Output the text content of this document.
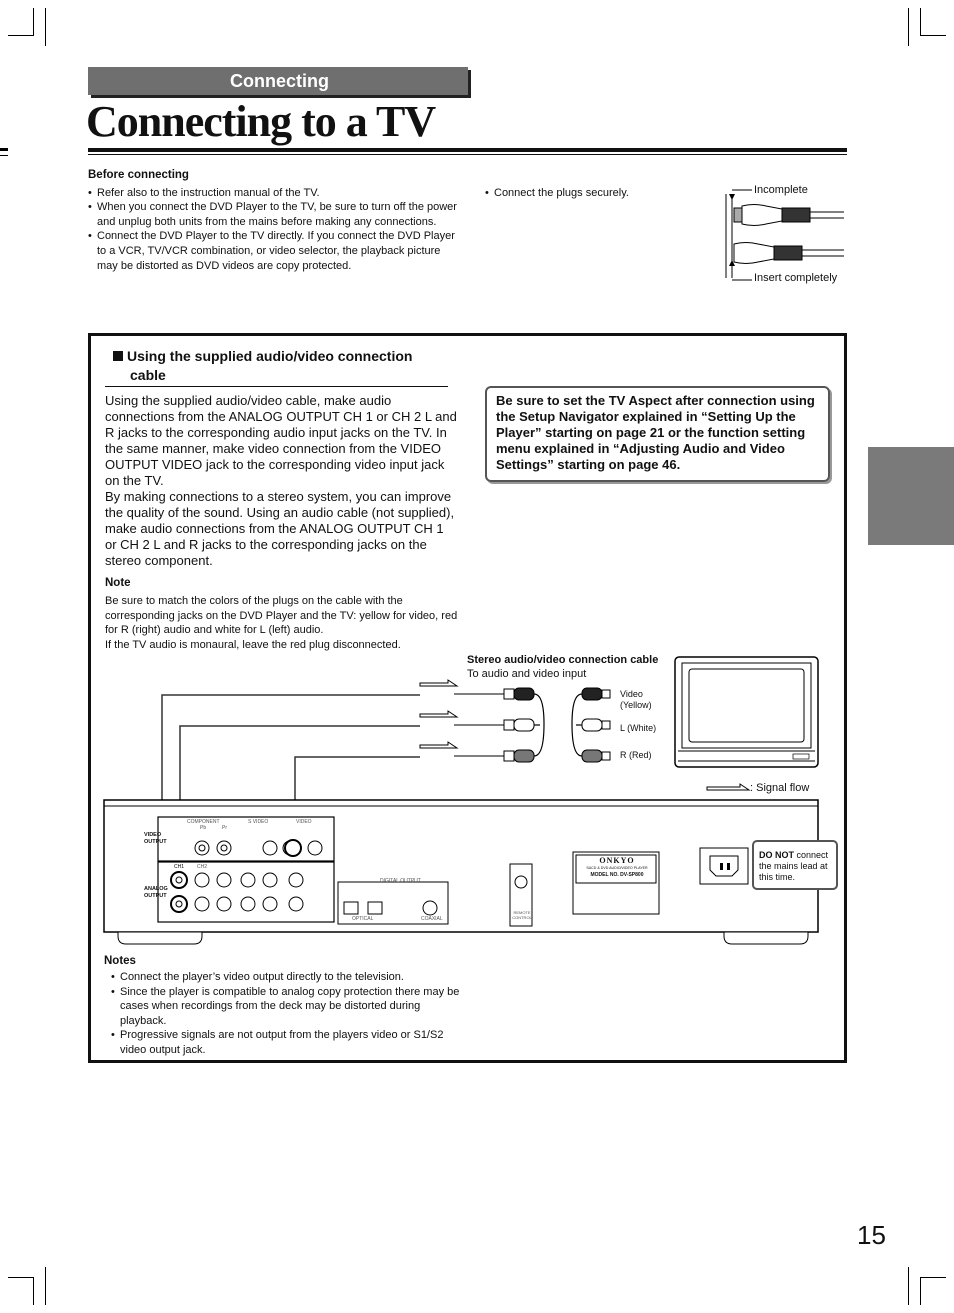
Connecting
Connecting to a TV
Before connecting
• Refer also to the instruction manual of the TV.
• When you connect the DVD Player to the TV, be sure to turn off the power and unplug both units from the mains before making any connections.
• Connect the DVD Player to the TV directly. If you connect the DVD Player to a VCR, TV/VCR combination, or video selector, the playback picture may be distorted as DVD videos are copy protected.
• Connect the plugs securely.	Incomplete
Insert completely
Using the supplied audio/video connection
cable
Using the supplied audio/video cable, make audio connections from the ANALOG OUTPUT CH 1 or CH 2 L and R jacks to the corresponding audio input jacks on the TV. In the same manner, make video connection from the VIDEO OUTPUT VIDEO jack to the corresponding video input jack on the TV.
By making connections to a stereo system, you can improve the quality of the sound. Using an audio cable (not supplied), make audio connections from the ANALOG OUTPUT CH 1 or CH 2 L and R jacks to the corresponding jacks on the stereo component.
Be sure to set the TV Aspect after connection using the Setup Navigator explained in “Setting Up the Player” starting on page 21 or the function setting menu explained in “Adjusting Audio and Video Settings” starting on page 46.
Note
Be sure to match the colors of the plugs on the cable with the corresponding jacks on the DVD Player and the TV: yellow for video, red for R (right) audio and white for L (left) audio.
If the TV audio is monaural, leave the red plug disconnected.
Stereo audio/video connection cable
To audio and video input
Video
(Yellow)
L (White)
R (Red)
: Signal flow
COMPONENT
Pb	Pr
S VIDEO	VIDEO
VIDEO OUTPUT
ANALOG OUTPUT
CH1	CH2
DIGITAL OUTPUT
OPTICAL	COAXIAL
REMOTE CONTROL
ONKYO
SACD & DVD AUDIO/VIDEO PLAYER
MODEL NO. DV-SP800
DO NOT connect the mains lead at this time.
Notes
• Connect the player’s video output directly to the television.
• Since the player is compatible to analog copy protection there may be cases when recordings from the deck may be distorted during playback.
• Progressive signals are not output from the players video or S1/S2 video output jack.
15
